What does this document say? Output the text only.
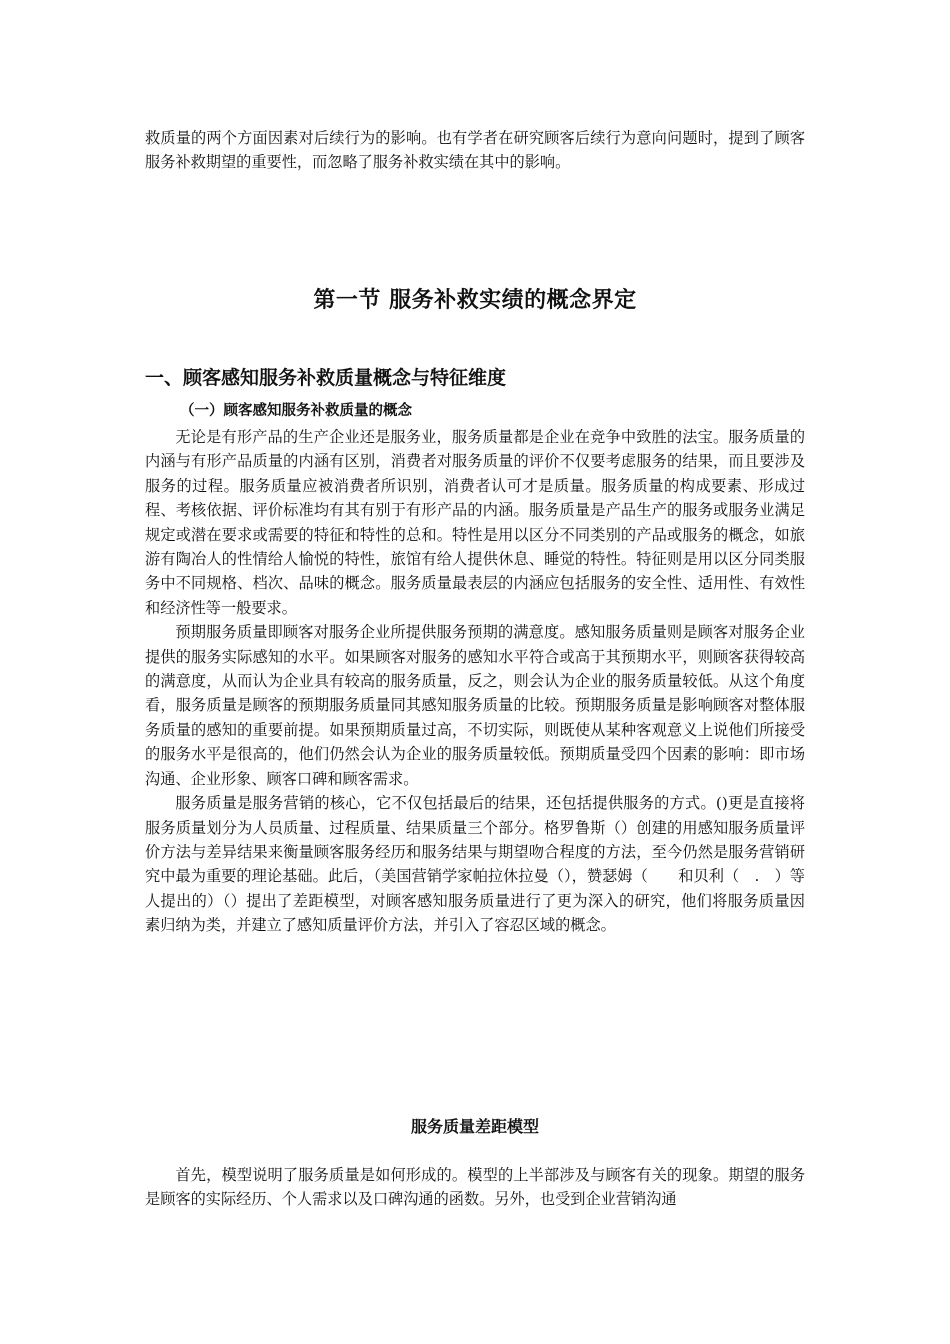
救质量的两个方面因素对后续行为的影响。也有学者在研究顾客后续行为意向问题时，提到了顾客服务补救期望的重要性，而忽略了服务补救实绩在其中的影响。

第一节 服务补救实绩的概念界定
一、顾客感知服务补救质量概念与特征维度
（一）顾客感知服务补救质量的概念

无论是有形产品的生产企业还是服务业，服务质量都是企业在竞争中致胜的法宝。服务质量的内涵与有形产品质量的内涵有区别，消费者对服务质量的评价不仅要考虑服务的结果，而且要涉及服务的过程。服务质量应被消费者所识别，消费者认可才是质量。服务质量的构成要素、形成过程、考核依据、评价标准均有其有别于有形产品的内涵。服务质量是产品生产的服务或服务业满足规定或潜在要求或需要的特征和特性的总和。特性是用以区分不同类别的产品或服务的概念，如旅游有陶冶人的性情给人愉悦的特性，旅馆有给人提供休息、睡觉的特性。特征则是用以区分同类服务中不同规格、档次、品味的概念。服务质量最表层的内涵应包括服务的安全性、适用性、有效性和经济性等一般要求。

预期服务质量即顾客对服务企业所提供服务预期的满意度。感知服务质量则是顾客对服务企业提供的服务实际感知的水平。如果顾客对服务的感知水平符合或高于其预期水平，则顾客获得较高的满意度，从而认为企业具有较高的服务质量，反之，则会认为企业的服务质量较低。从这个角度看，服务质量是顾客的预期服务质量同其感知服务质量的比较。预期服务质量是影响顾客对整体服务质量的感知的重要前提。如果预期质量过高，不切实际，则既使从某种客观意义上说他们所接受的服务水平是很高的，他们仍然会认为企业的服务质量较低。预期质量受四个因素的影响：即市场沟通、企业形象、顾客口碑和顾客需求。

服务质量是服务营销的核心，它不仅包括最后的结果，还包括提供服务的方式。()更是直接将服务质量划分为人员质量、过程质量、结果质量三个部分。格罗鲁斯（）创建的用感知服务质量评价方法与差异结果来衡量顾客服务经历和服务结果与期望吻合程度的方法，至今仍然是服务营销研究中最为重要的理论基础。此后，（美国营销学家帕拉休拉曼（），赞瑟姆（　　和贝利（　.　）等人提出的）（）提出了差距模型，对顾客感知服务质量进行了更为深入的研究，他们将服务质量因素归纳为类，并建立了感知质量评价方法，并引入了容忍区域的概念。

服务质量差距模型

首先，模型说明了服务质量是如何形成的。模型的上半部涉及与顾客有关的现象。期望的服务是顾客的实际经历、个人需求以及口碑沟通的函数。另外，也受到企业营销沟通
